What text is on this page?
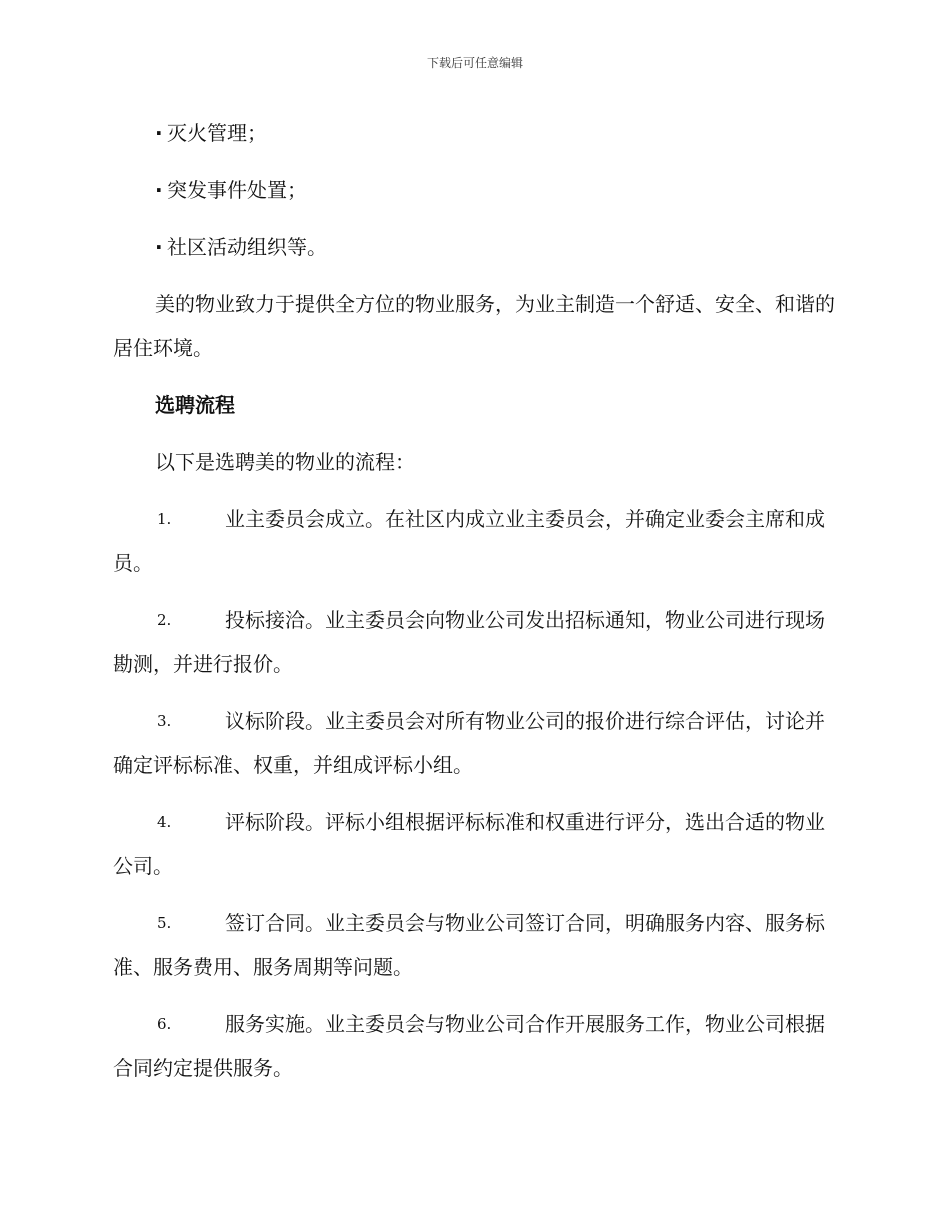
下载后可任意编辑
· 灭火管理；
· 突发事件处置；
· 社区活动组织等。

美的物业致力于提供全方位的物业服务，为业主制造一个舒适、安全、和谐的居住环境。

选聘流程
以下是选聘美的物业的流程：
1.	业主委员会成立。在社区内成立业主委员会，并确定业委会主席和成员。
2.	投标接洽。业主委员会向物业公司发出招标通知，物业公司进行现场勘测，并进行报价。
3.	议标阶段。业主委员会对所有物业公司的报价进行综合评估，讨论并确定评标标准、权重，并组成评标小组。
4.	评标阶段。评标小组根据评标标准和权重进行评分，选出合适的物业公司。
5.	签订合同。业主委员会与物业公司签订合同，明确服务内容、服务标准、服务费用、服务周期等问题。
6.	服务实施。业主委员会与物业公司合作开展服务工作，物业公司根据合同约定提供服务。
